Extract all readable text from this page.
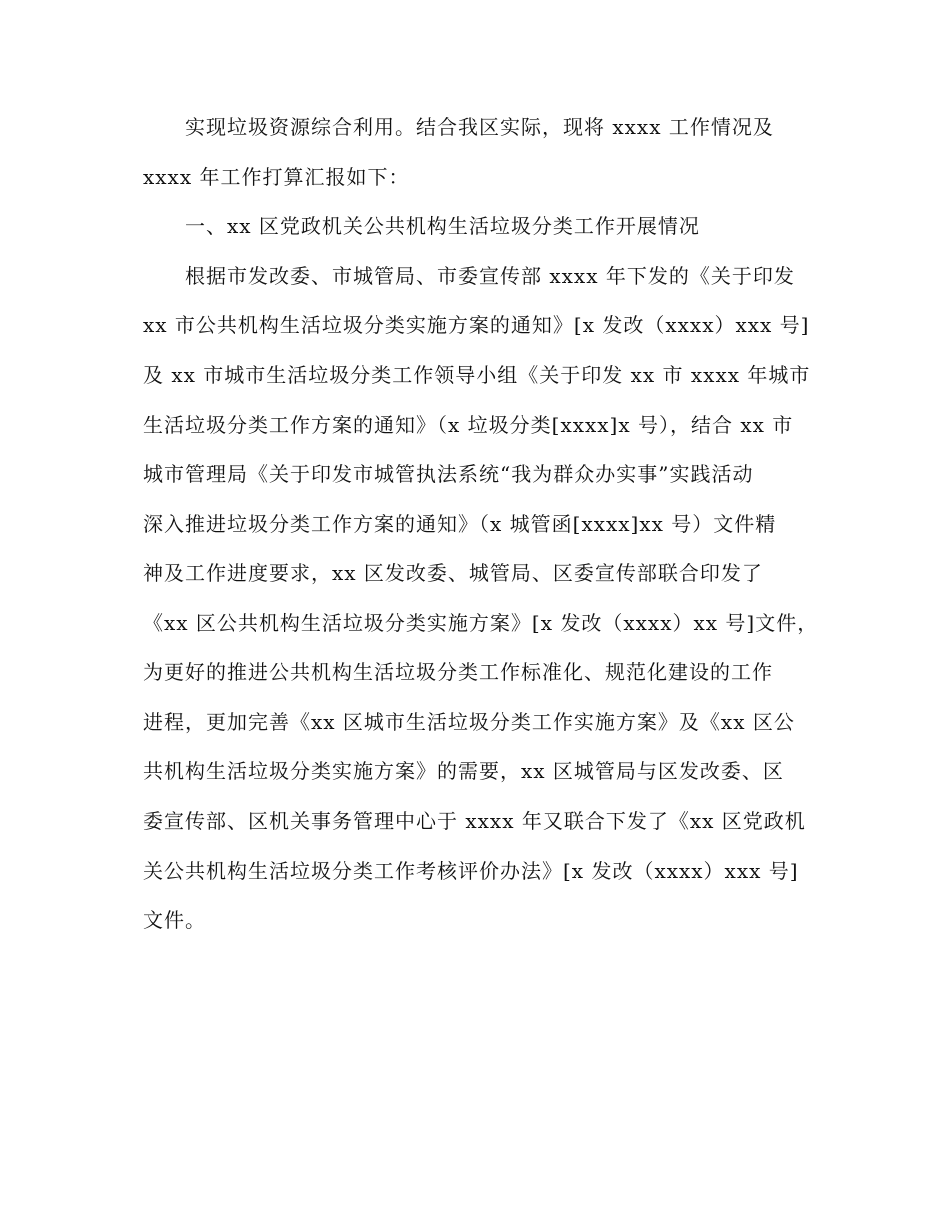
实现垃圾资源综合利用。结合我区实际，现将 xxxx 工作情况及
xxxx 年工作打算汇报如下：
一、xx 区党政机关公共机构生活垃圾分类工作开展情况
根据市发改委、市城管局、市委宣传部 xxxx 年下发的《关于印发
xx 市公共机构生活垃圾分类实施方案的通知》[x 发改（xxxx）xxx 号]
及 xx 市城市生活垃圾分类工作领导小组《关于印发 xx 市 xxxx 年城市
生活垃圾分类工作方案的通知》（x 垃圾分类[xxxx]x 号），结合 xx 市
城市管理局《关于印发市城管执法系统“我为群众办实事”实践活动
深入推进垃圾分类工作方案的通知》（x 城管函[xxxx]xx 号）文件精
神及工作进度要求，xx 区发改委、城管局、区委宣传部联合印发了
《xx 区公共机构生活垃圾分类实施方案》[x 发改（xxxx）xx 号]文件，
为更好的推进公共机构生活垃圾分类工作标准化、规范化建设的工作
进程，更加完善《xx 区城市生活垃圾分类工作实施方案》及《xx 区公
共机构生活垃圾分类实施方案》的需要，xx 区城管局与区发改委、区
委宣传部、区机关事务管理中心于 xxxx 年又联合下发了《xx 区党政机
关公共机构生活垃圾分类工作考核评价办法》[x 发改（xxxx）xxx 号]
文件。
